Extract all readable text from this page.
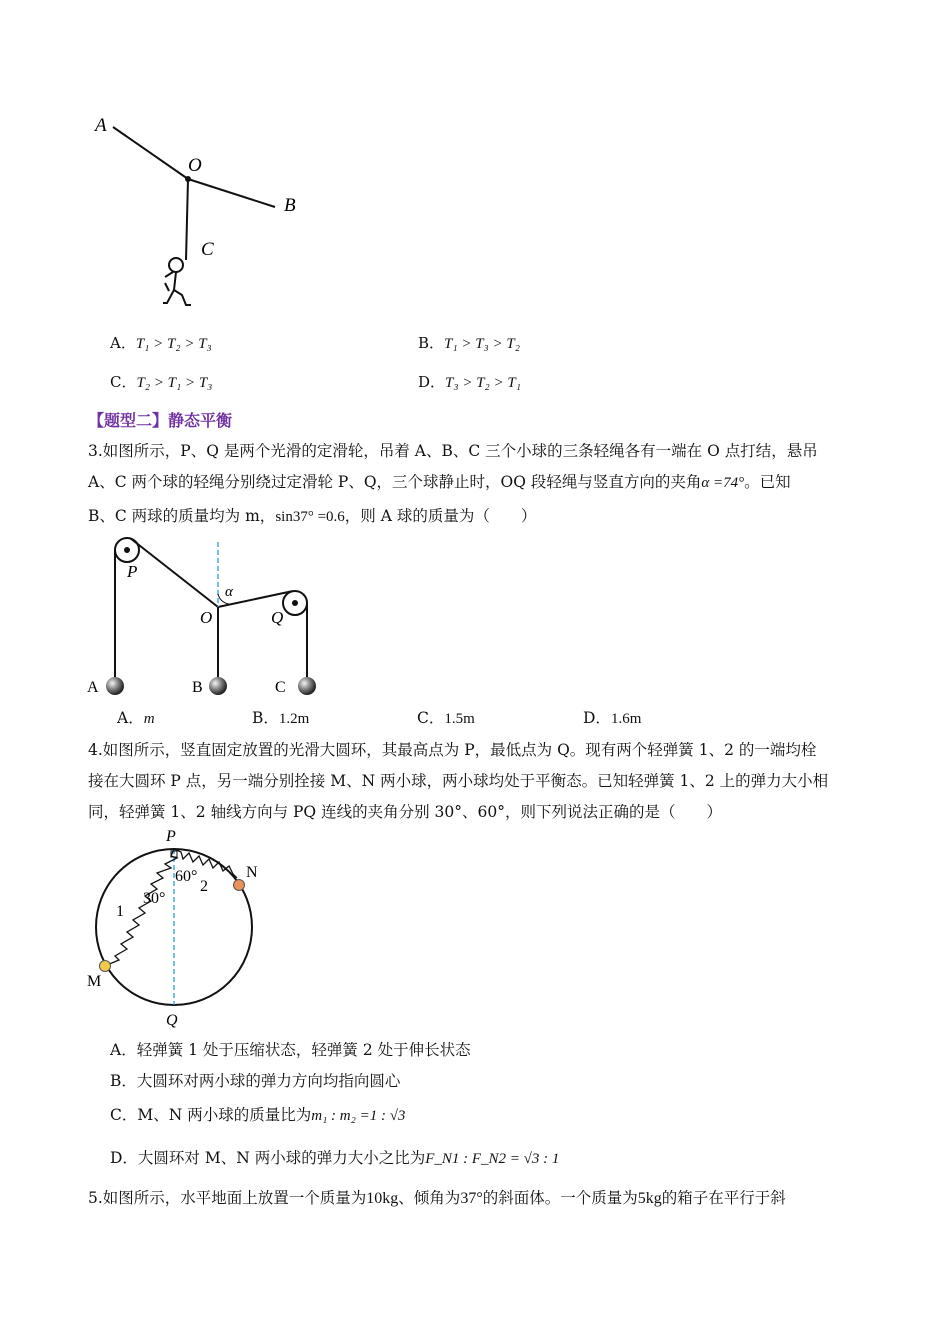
A
O
B
C
A．T₁ > T₂ > T₃	B．T₁ > T₃ > T₂
C．T₂ > T₁ > T₃	D．T₃ > T₂ > T₁
【题型二】静态平衡
3.如图所示，P、Q 是两个光滑的定滑轮，吊着 A、B、C 三个小球的三条轻绳各有一端在 O 点打结，悬吊
A、C 两个球的轻绳分别绕过定滑轮 P、Q，三个球静止时，OQ 段轻绳与竖直方向的夹角α =74°。已知
B、C 两球的质量均为 m，sin37° =0.6，则 A 球的质量为（　　）
P
O	Q
α
A	B	C
A．m	B．1.2m	C．1.5m	D．1.6m
4.如图所示，竖直固定放置的光滑大圆环，其最高点为 P，最低点为 Q。现有两个轻弹簧 1、2 的一端均栓
接在大圆环 P 点，另一端分别拴接 M、N 两小球，两小球均处于平衡态。已知轻弹簧 1、2 上的弹力大小相
同，轻弹簧 1、2 轴线方向与 PQ 连线的夹角分别 30°、60°，则下列说法正确的是（　　）
P
Q
M
N
1
2
30°
60°
A．轻弹簧 1 处于压缩状态，轻弹簧 2 处于伸长状态
B．大圆环对两小球的弹力方向均指向圆心
C．M、N 两小球的质量比为m₁ : m₂ =1 : √3
D．大圆环对 M、N 两小球的弹力大小之比为F_N1 : F_N2 = √3 : 1
5.如图所示，水平地面上放置一个质量为10kg、倾角为37°的斜面体。一个质量为5kg的箱子在平行于斜
